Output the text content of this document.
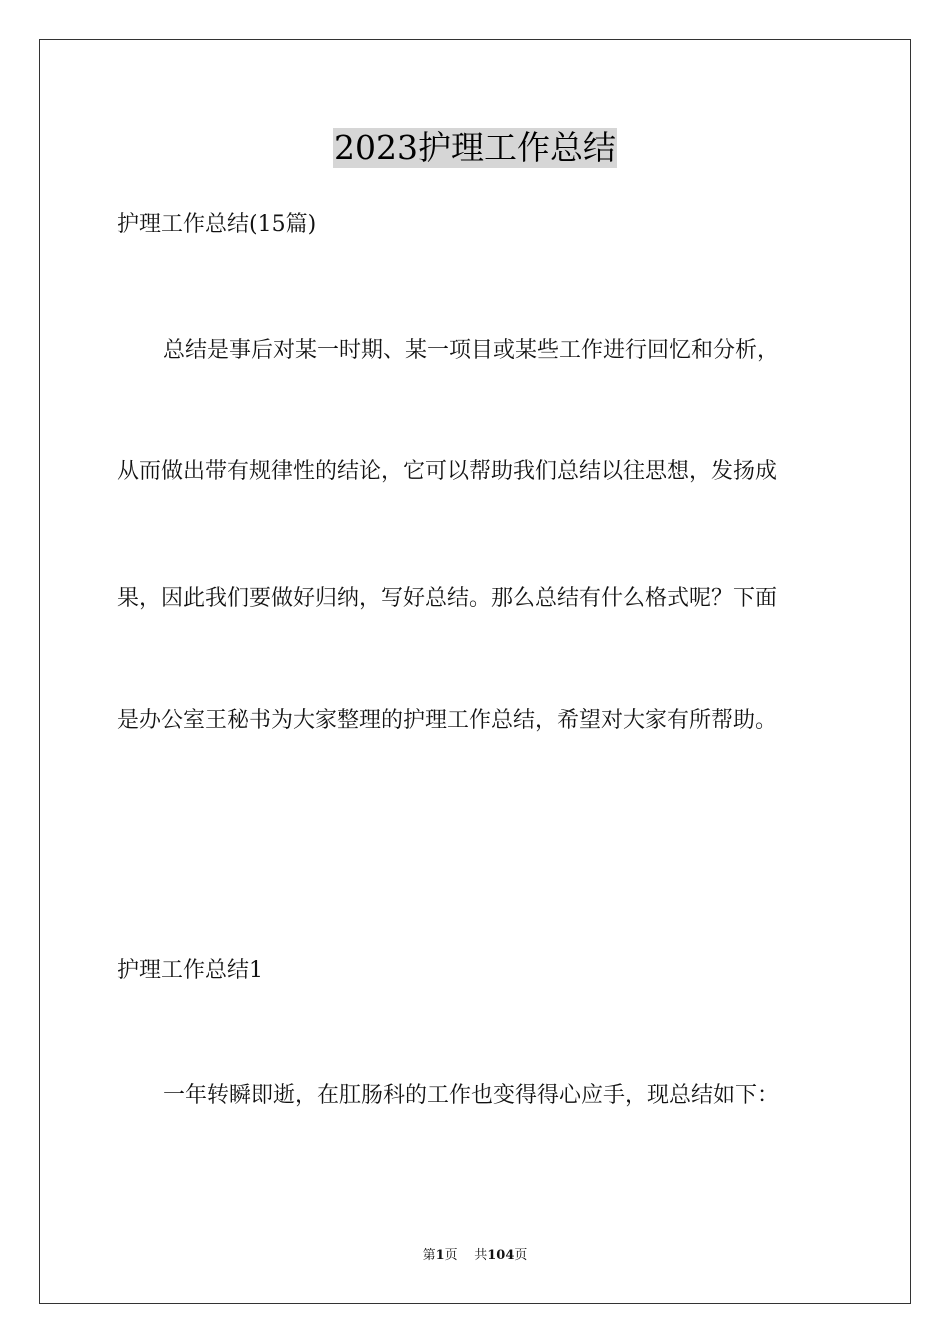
2023护理工作总结
护理工作总结(15篇)
总结是事后对某一时期、某一项目或某些工作进行回忆和分析，
从而做出带有规律性的结论，它可以帮助我们总结以往思想，发扬成
果，因此我们要做好归纳，写好总结。那么总结有什么格式呢？下面
是办公室王秘书为大家整理的护理工作总结，希望对大家有所帮助。
护理工作总结1
一年转瞬即逝，在肛肠科的工作也变得得心应手，现总结如下：
第1页 共104页
